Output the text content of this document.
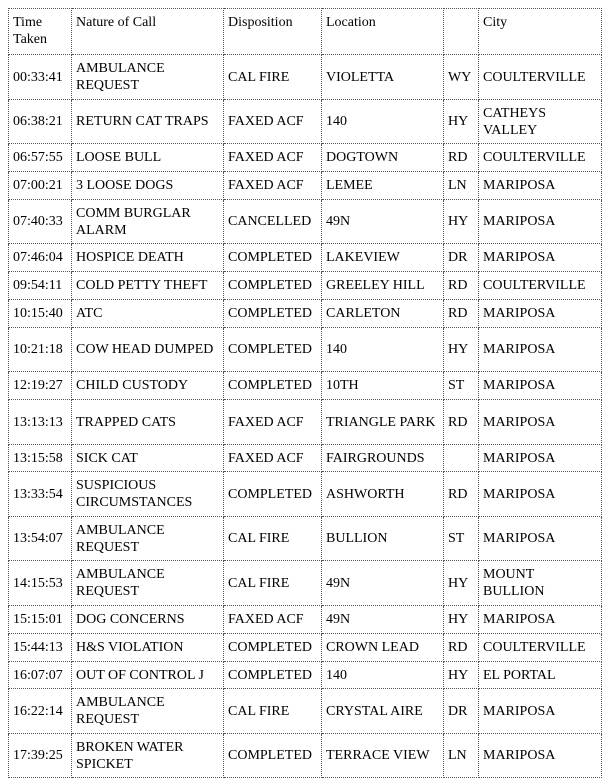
Time Taken	Nature of Call	Disposition	Location		City
00:33:41	AMBULANCE REQUEST	CAL FIRE	VIOLETTA	WY	COULTERVILLE
06:38:21	RETURN CAT TRAPS	FAXED ACF	140	HY	CATHEYS VALLEY
06:57:55	LOOSE BULL	FAXED ACF	DOGTOWN	RD	COULTERVILLE
07:00:21	3 LOOSE DOGS	FAXED ACF	LEMEE	LN	MARIPOSA
07:40:33	COMM BURGLAR ALARM	CANCELLED	49N	HY	MARIPOSA
07:46:04	HOSPICE DEATH	COMPLETED	LAKEVIEW	DR	MARIPOSA
09:54:11	COLD PETTY THEFT	COMPLETED	GREELEY HILL	RD	COULTERVILLE
10:15:40	ATC	COMPLETED	CARLETON	RD	MARIPOSA
10:21:18	COW HEAD DUMPED	COMPLETED	140	HY	MARIPOSA
12:19:27	CHILD CUSTODY	COMPLETED	10TH	ST	MARIPOSA
13:13:13	TRAPPED CATS	FAXED ACF	TRIANGLE PARK	RD	MARIPOSA
13:15:58	SICK CAT	FAXED ACF	FAIRGROUNDS		MARIPOSA
13:33:54	SUSPICIOUS CIRCUMSTANCES	COMPLETED	ASHWORTH	RD	MARIPOSA
13:54:07	AMBULANCE REQUEST	CAL FIRE	BULLION	ST	MARIPOSA
14:15:53	AMBULANCE REQUEST	CAL FIRE	49N	HY	MOUNT BULLION
15:15:01	DOG CONCERNS	FAXED ACF	49N	HY	MARIPOSA
15:44:13	H&S VIOLATION	COMPLETED	CROWN LEAD	RD	COULTERVILLE
16:07:07	OUT OF CONTROL J	COMPLETED	140	HY	EL PORTAL
16:22:14	AMBULANCE REQUEST	CAL FIRE	CRYSTAL AIRE	DR	MARIPOSA
17:39:25	BROKEN WATER SPICKET	COMPLETED	TERRACE VIEW	LN	MARIPOSA
